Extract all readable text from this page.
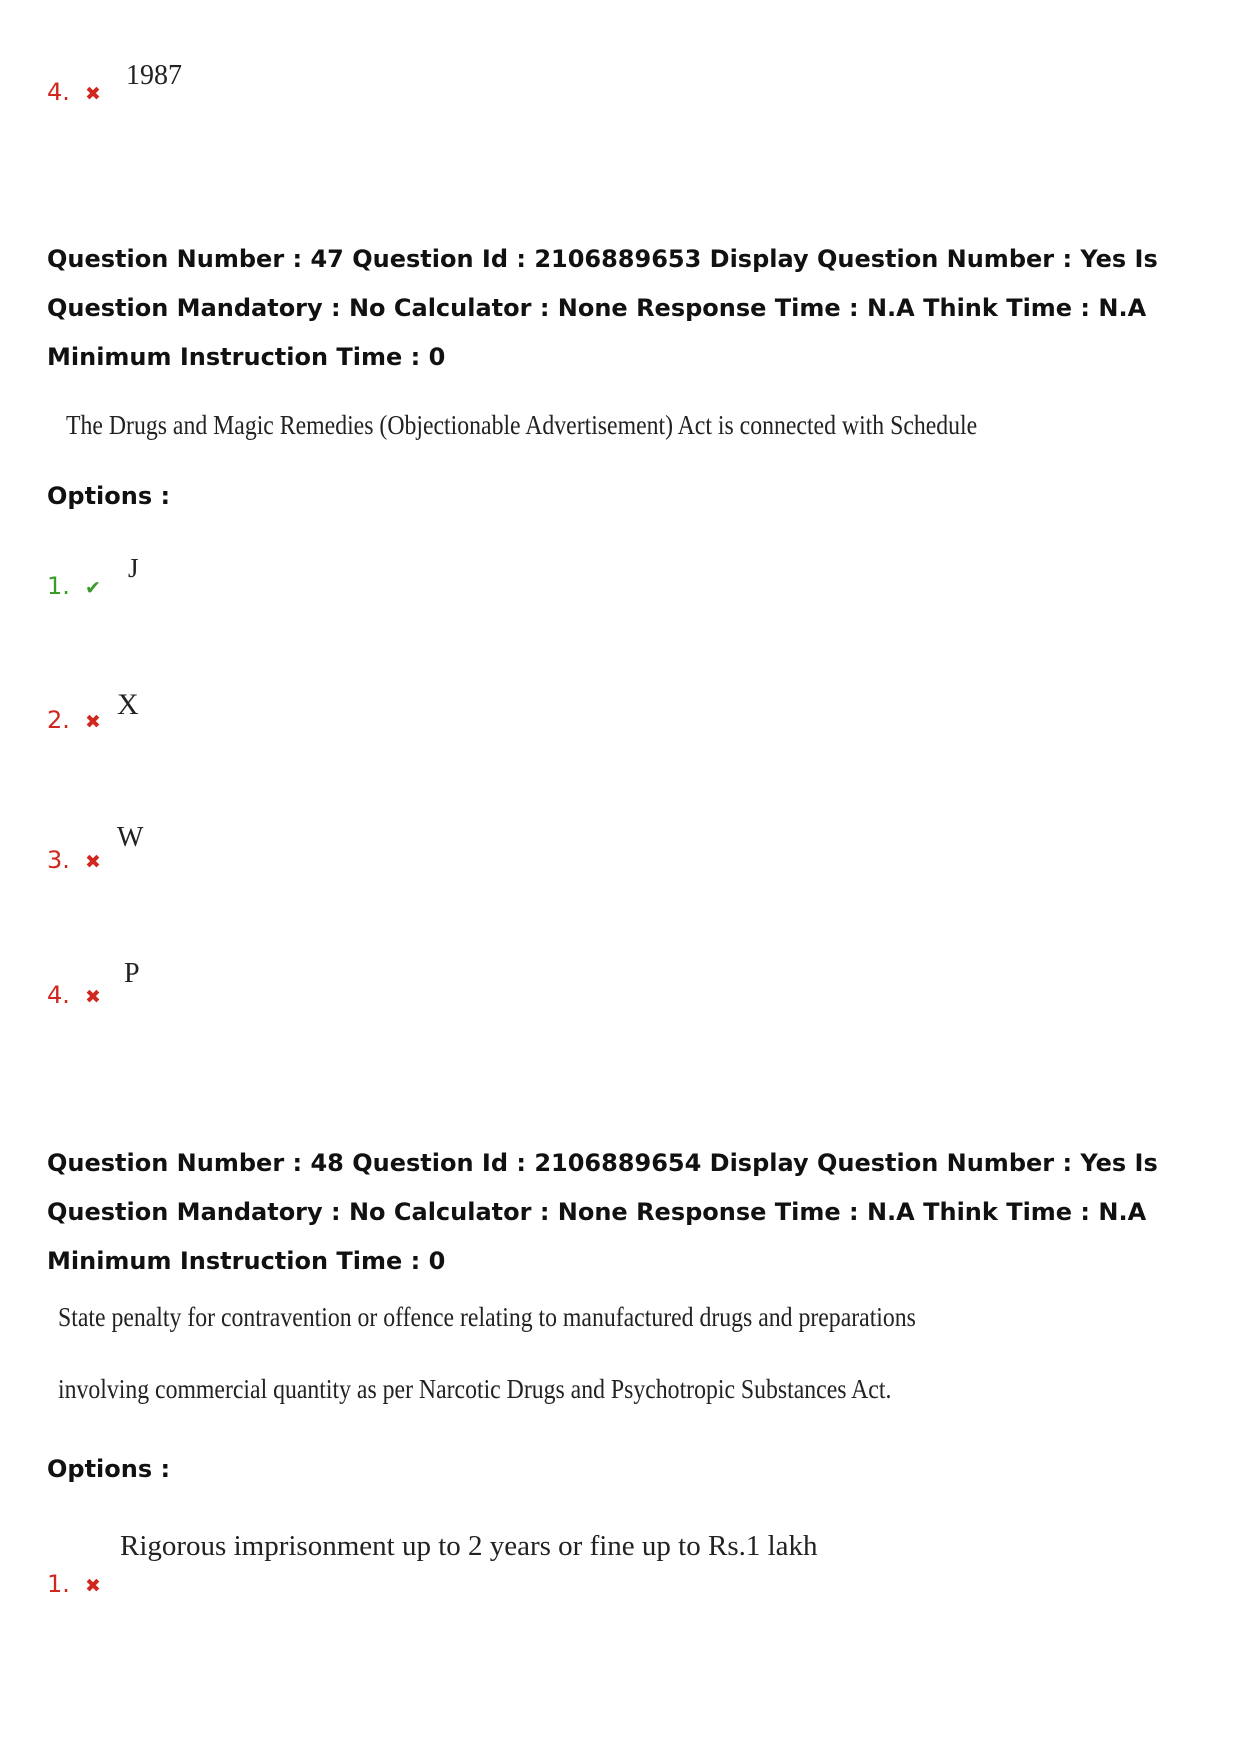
4. ✖
1987
Question Number : 47 Question Id : 2106889653 Display Question Number : Yes Is Question Mandatory : No Calculator : None Response Time : N.A Think Time : N.A Minimum Instruction Time : 0
The Drugs and Magic Remedies (Objectionable Advertisement) Act is connected with Schedule
Options :
1. ✔
J
2. ✖
X
3. ✖
W
4. ✖
P
Question Number : 48 Question Id : 2106889654 Display Question Number : Yes Is Question Mandatory : No Calculator : None Response Time : N.A Think Time : N.A Minimum Instruction Time : 0
State penalty for contravention or offence relating to manufactured drugs and preparations
involving commercial quantity as per Narcotic Drugs and Psychotropic Substances Act.
Options :
1. ✖
Rigorous imprisonment up to 2 years or fine up to Rs.1 lakh
